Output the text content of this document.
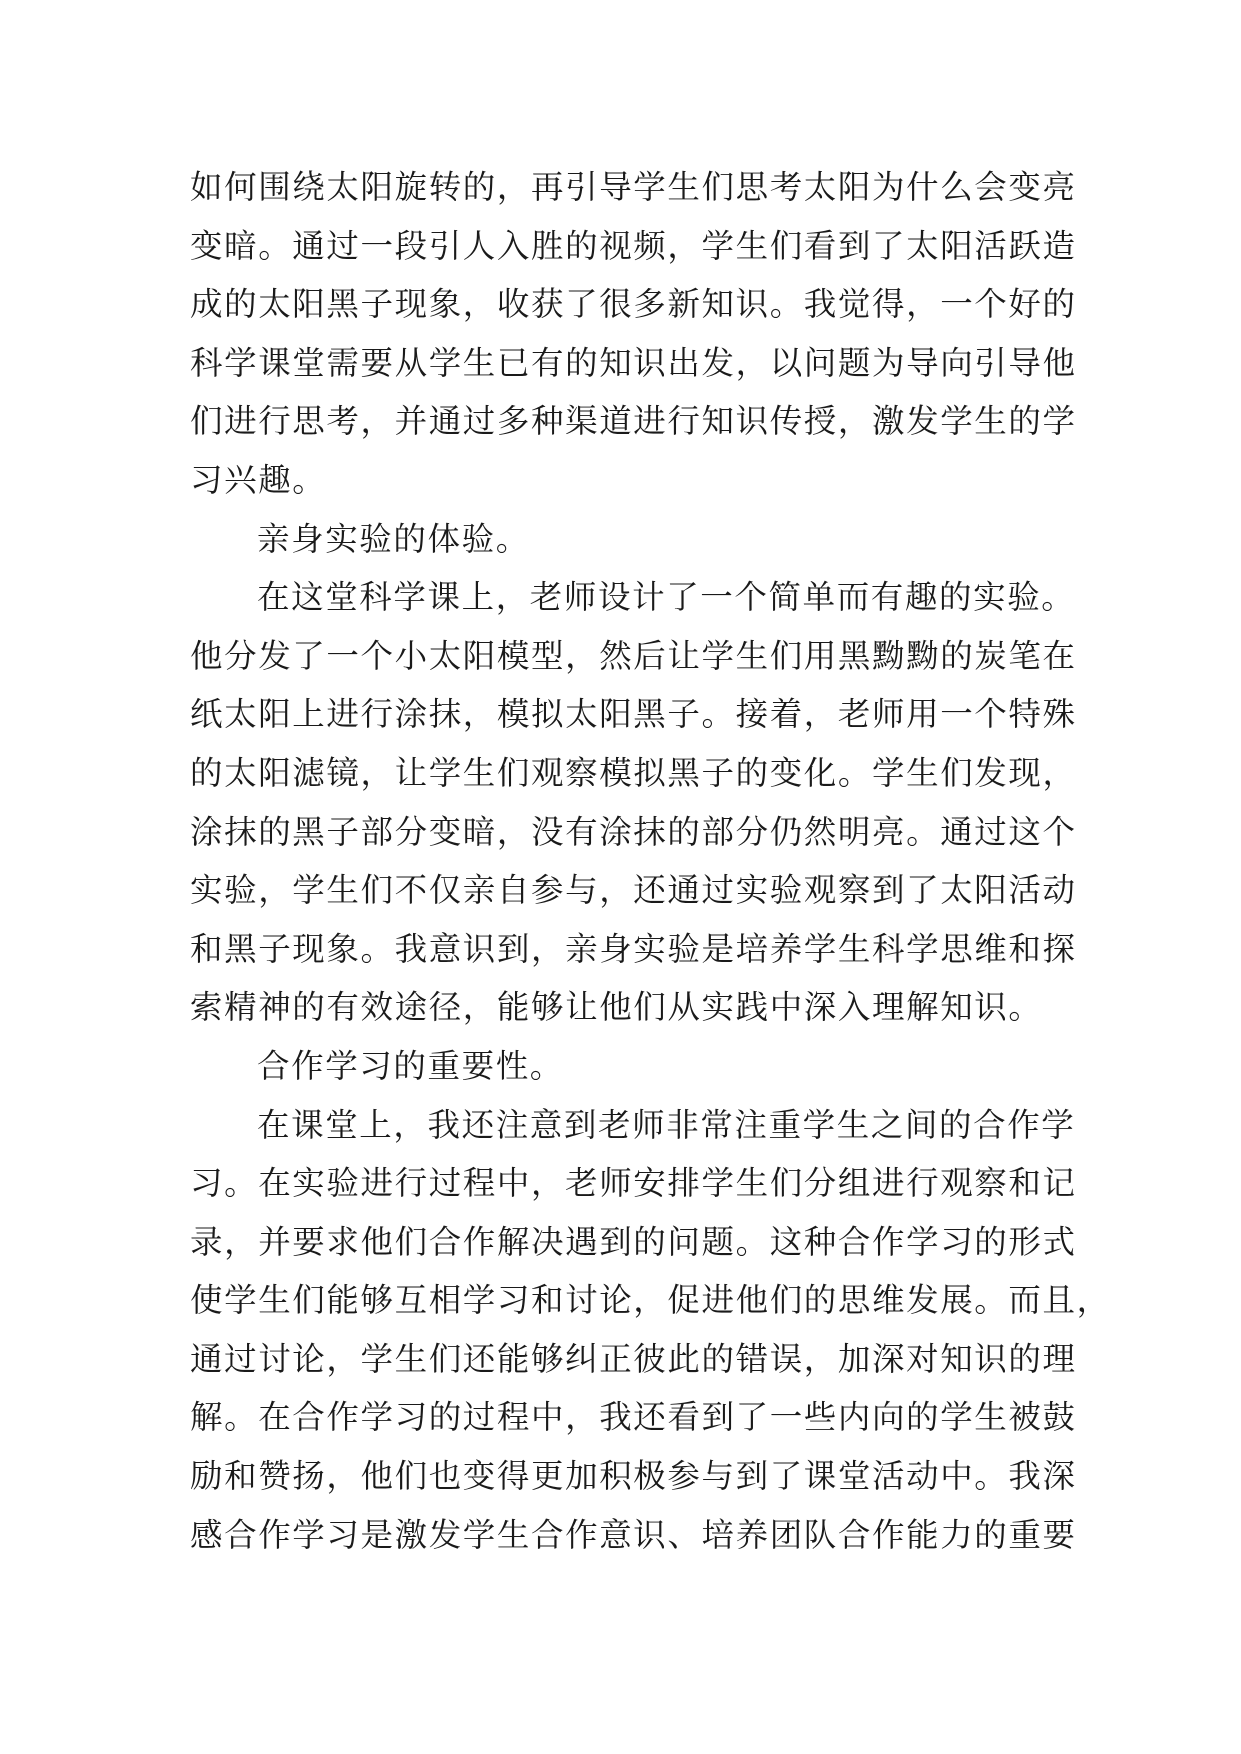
如何围绕太阳旋转的，再引导学生们思考太阳为什么会变亮
变暗。通过一段引人入胜的视频，学生们看到了太阳活跃造
成的太阳黑子现象，收获了很多新知识。我觉得，一个好的
科学课堂需要从学生已有的知识出发，以问题为导向引导他
们进行思考，并通过多种渠道进行知识传授，激发学生的学
习兴趣。
亲身实验的体验。
在这堂科学课上，老师设计了一个简单而有趣的实验。
他分发了一个小太阳模型，然后让学生们用黑黝黝的炭笔在
纸太阳上进行涂抹，模拟太阳黑子。接着，老师用一个特殊
的太阳滤镜，让学生们观察模拟黑子的变化。学生们发现，
涂抹的黑子部分变暗，没有涂抹的部分仍然明亮。通过这个
实验，学生们不仅亲自参与，还通过实验观察到了太阳活动
和黑子现象。我意识到，亲身实验是培养学生科学思维和探
索精神的有效途径，能够让他们从实践中深入理解知识。
合作学习的重要性。
在课堂上，我还注意到老师非常注重学生之间的合作学
习。在实验进行过程中，老师安排学生们分组进行观察和记
录，并要求他们合作解决遇到的问题。这种合作学习的形式
使学生们能够互相学习和讨论，促进他们的思维发展。而且，
通过讨论，学生们还能够纠正彼此的错误，加深对知识的理
解。在合作学习的过程中，我还看到了一些内向的学生被鼓
励和赞扬，他们也变得更加积极参与到了课堂活动中。我深
感合作学习是激发学生合作意识、培养团队合作能力的重要
